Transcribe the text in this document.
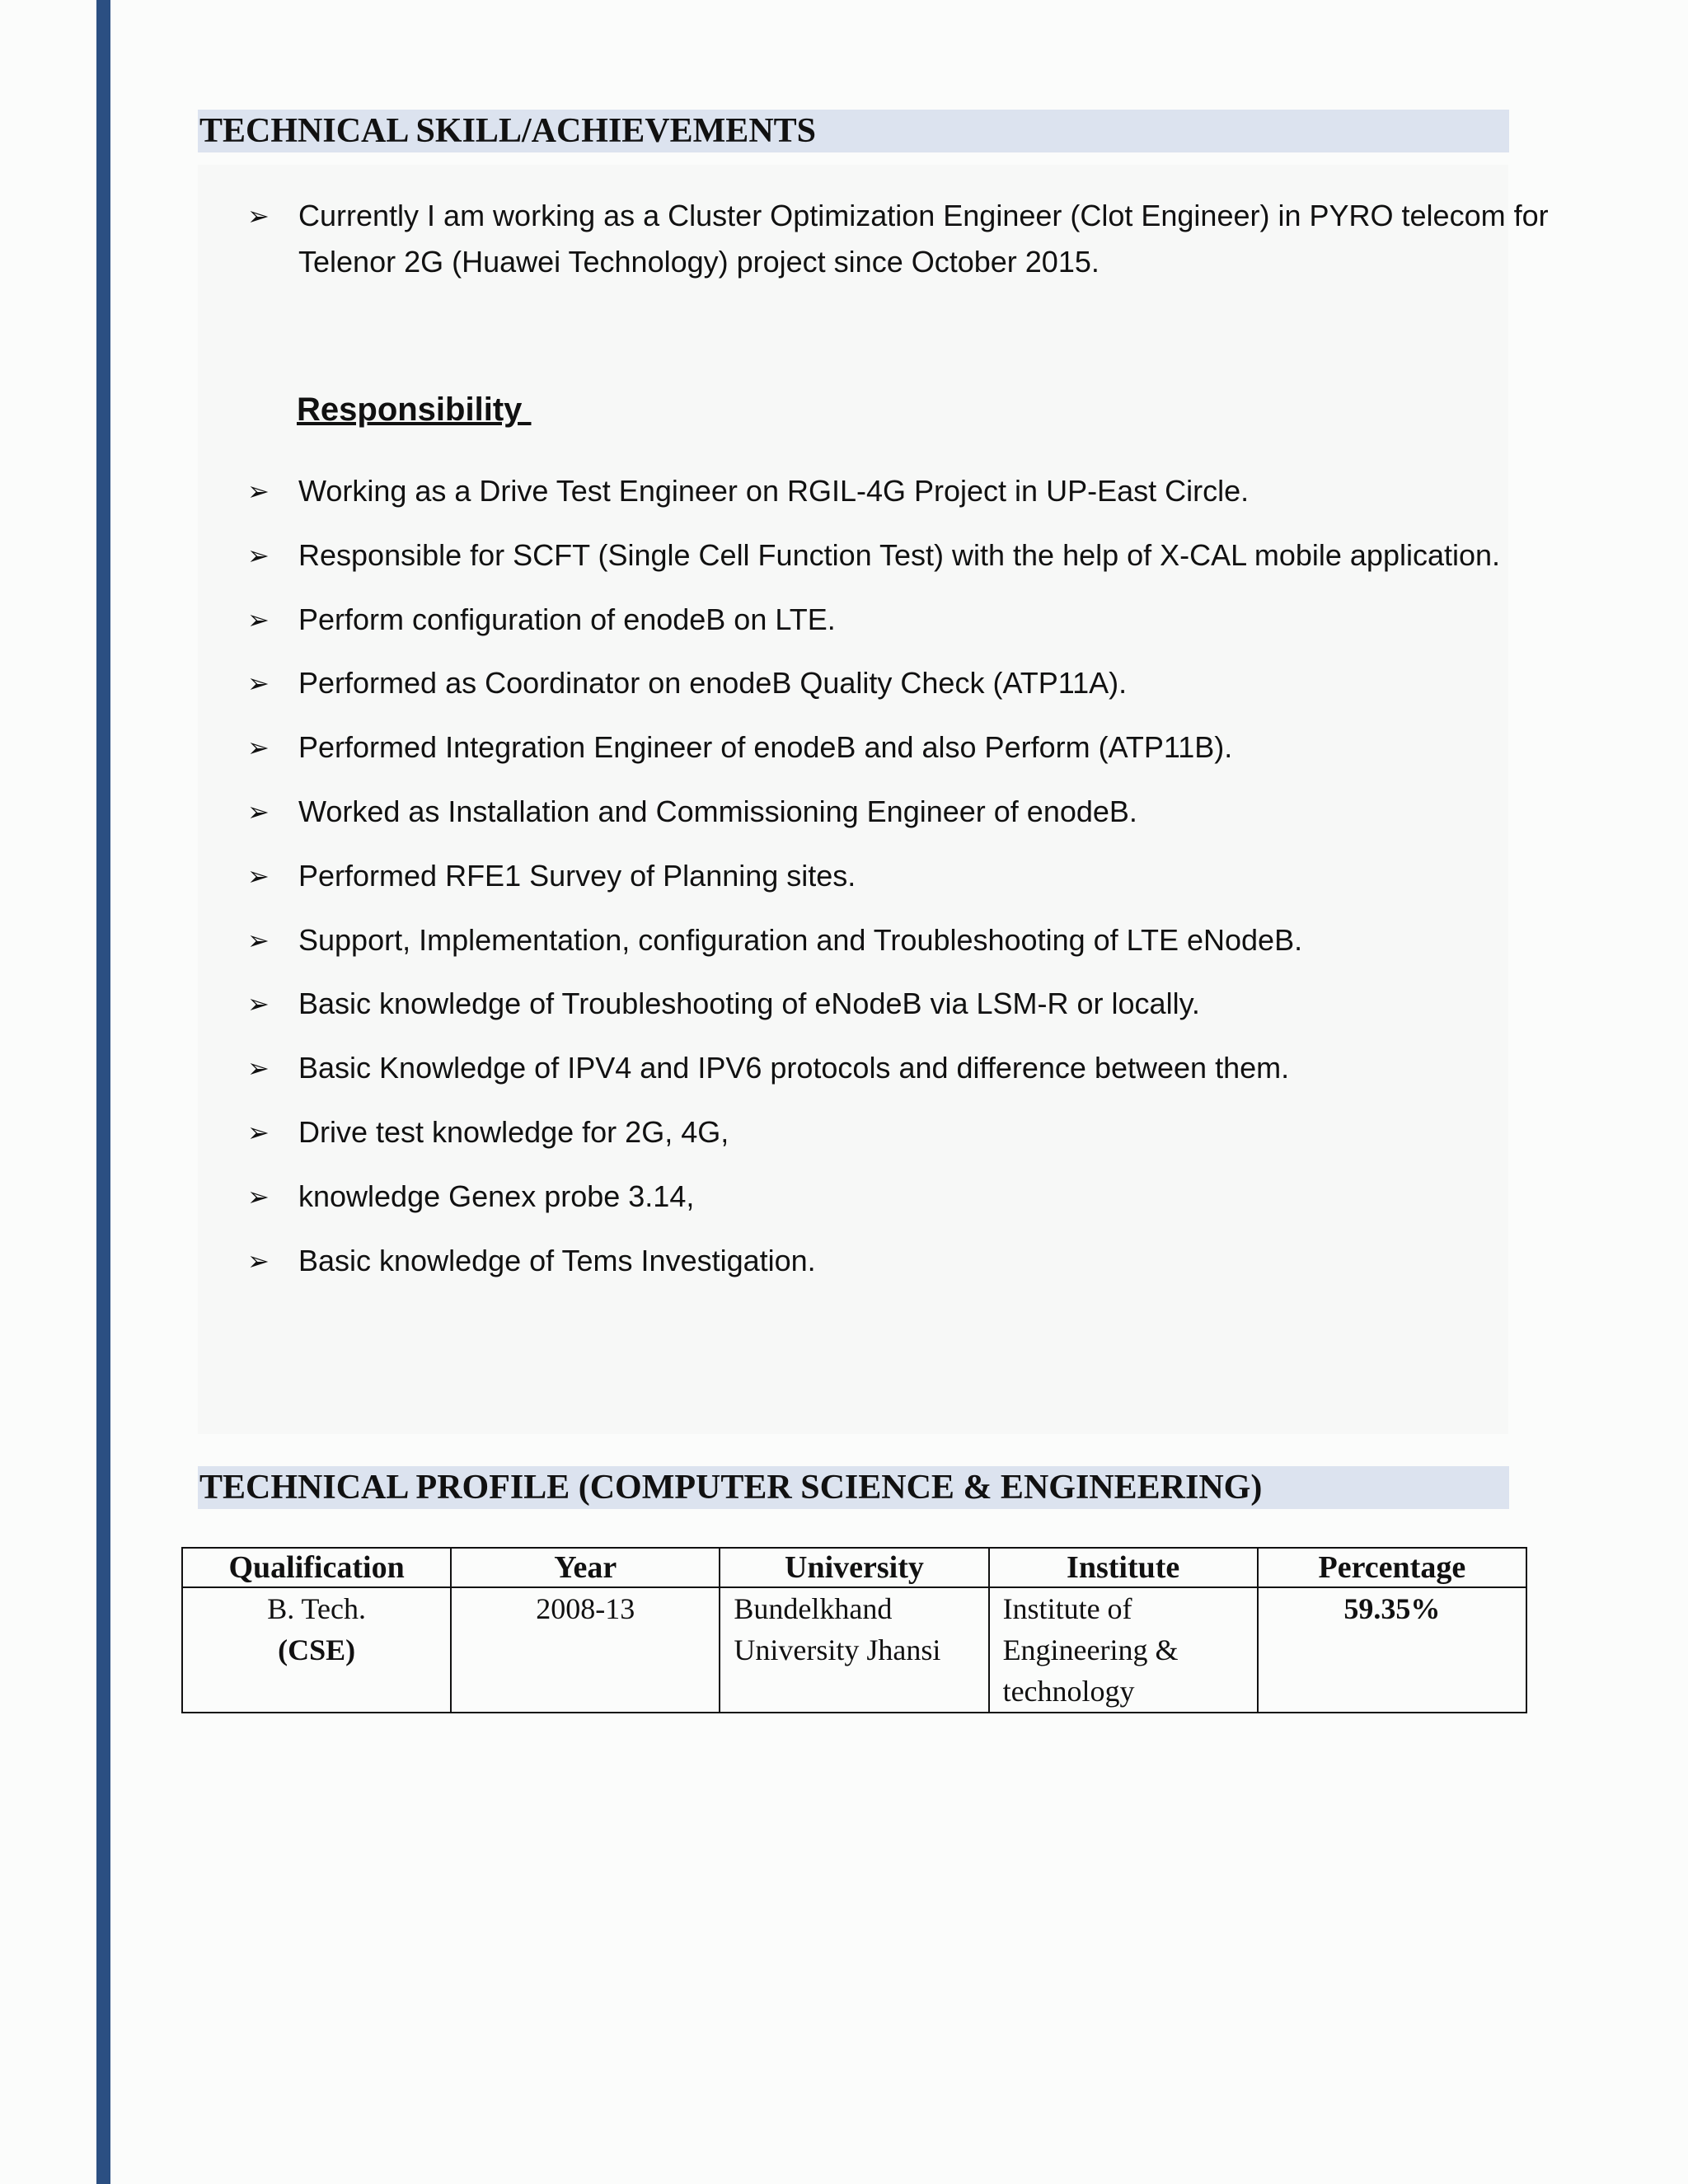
TECHNICAL SKILL/ACHIEVEMENTS
➢ Currently I am working as a Cluster Optimization Engineer (Clot Engineer) in PYRO telecom for Telenor 2G (Huawei Technology) project since October 2015.
Responsibility
➢ Working as a Drive Test Engineer on RGIL-4G Project in UP-East Circle.
➢ Responsible for SCFT (Single Cell Function Test) with the help of X-CAL mobile application.
➢ Perform configuration of enodeB on LTE.
➢ Performed as Coordinator on enodeB Quality Check (ATP11A).
➢ Performed Integration Engineer of enodeB and also Perform (ATP11B).
➢ Worked as Installation and Commissioning Engineer of enodeB.
➢ Performed RFE1 Survey of Planning sites.
➢ Support, Implementation, configuration and Troubleshooting of LTE eNodeB.
➢ Basic knowledge of Troubleshooting of eNodeB via LSM-R or locally.
➢ Basic Knowledge of IPV4 and IPV6 protocols and difference between them.
➢ Drive test knowledge for 2G, 4G,
➢ knowledge Genex probe 3.14,
➢ Basic knowledge of Tems Investigation.
TECHNICAL PROFILE (COMPUTER SCIENCE & ENGINEERING)
Qualification	Year	University	Institute	Percentage

B. Tech.
(CSE)	2008-13	Bundelkhand University Jhansi	Institute of Engineering & technology	59.35%
